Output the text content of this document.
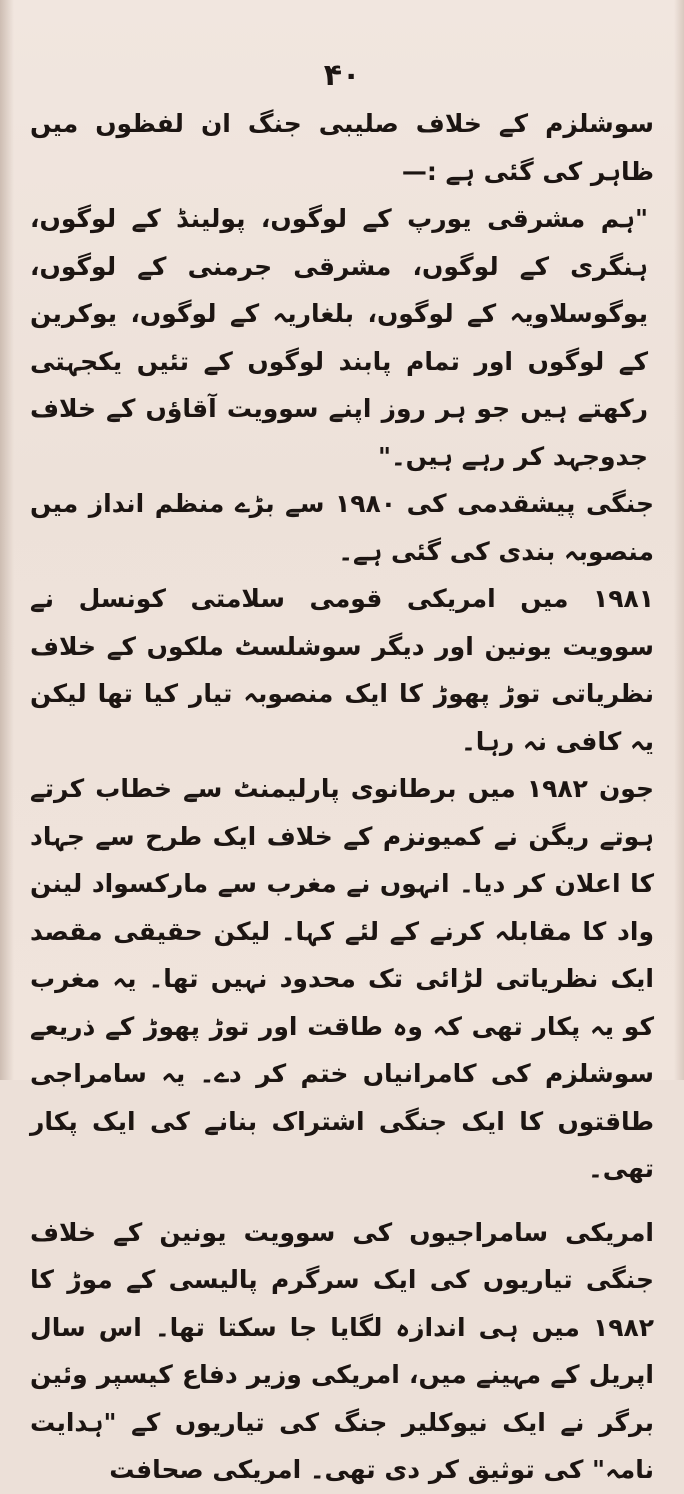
۴۰

سوشلزم کے خلاف صلیبی جنگ ان لفظوں میں ظاہر کی گئی ہے :—

"ہم مشرقی یورپ کے لوگوں، پولینڈ کے لوگوں، ہنگری کے لوگوں، مشرقی جرمنی کے لوگوں، یوگوسلاویہ کے لوگوں، بلغاریہ کے لوگوں، یوکرین کے لوگوں اور تمام پابند لوگوں کے تئیں یکجہتی رکھتے ہیں جو ہر روز اپنے سوویت آقاؤں کے خلاف جدوجہد کر رہے ہیں۔"

جنگی پیشقدمی کی ۱۹۸۰ سے بڑے منظم انداز میں منصوبہ بندی کی گئی ہے۔

۱۹۸۱ میں امریکی قومی سلامتی کونسل نے سوویت یونین اور دیگر سوشلسٹ ملکوں کے خلاف نظریاتی توڑ پھوڑ کا ایک منصوبہ تیار کیا تھا لیکن یہ کافی نہ رہا۔

جون ۱۹۸۲ میں برطانوی پارلیمنٹ سے خطاب کرتے ہوتے ریگن نے کمیونزم کے خلاف ایک طرح سے جہاد کا اعلان کر دیا۔ انہوں نے مغرب سے مارکسواد لینن واد کا مقابلہ کرنے کے لئے کہا۔ لیکن حقیقی مقصد ایک نظریاتی لڑائی تک محدود نہیں تھا۔ یہ مغرب کو یہ پکار تھی کہ وہ طاقت اور توڑ پھوڑ کے ذریعے سوشلزم کی کامرانیاں ختم کر دے۔ یہ سامراجی طاقتوں کا ایک جنگی اشتراک بنانے کی ایک پکار تھی۔

امریکی سامراجیوں کی سوویت یونین کے خلاف جنگی تیاریوں کی ایک سرگرم پالیسی کے موڑ کا ۱۹۸۲ میں ہی اندازہ لگایا جا سکتا تھا۔ اس سال اپریل کے مہینے میں، امریکی وزیر دفاع کیسپر وئین برگر نے ایک نیوکلیر جنگ کی تیاریوں کے "ہدایت نامہ" کی توثیق کر دی تھی۔ امریکی صحافت
